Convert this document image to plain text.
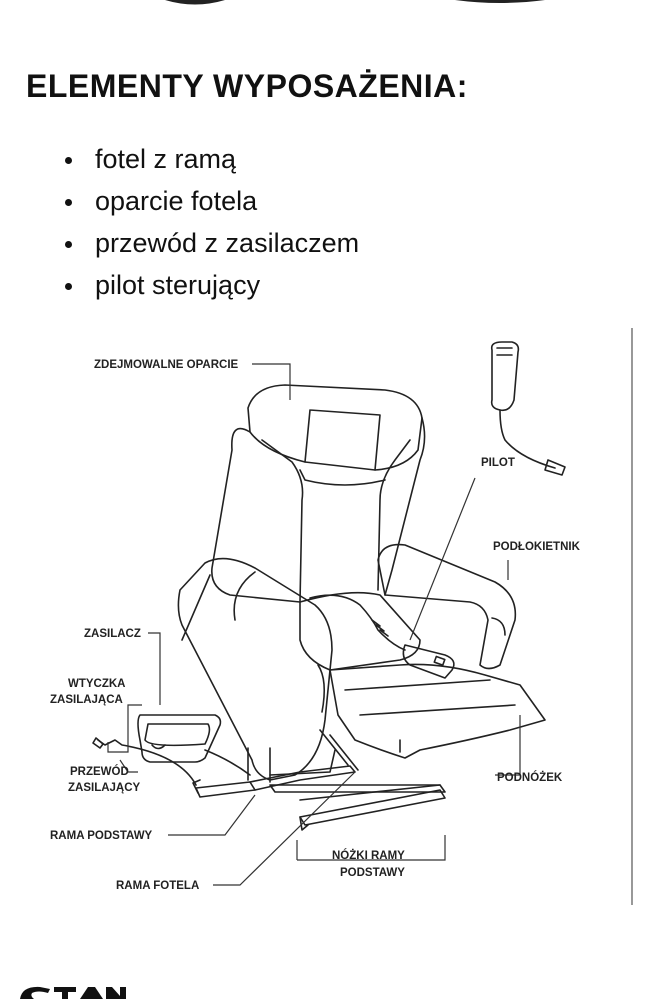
ELEMENTY WYPOSAŻENIA:
fotel z ramą
oparcie fotela
przewód z zasilaczem
pilot sterujący
ZDEJMOWALNE OPARCIE
PILOT
PODŁOKIETNIK
ZASILACZ
WTYCZKA
ZASILAJĄCA
PRZEWÓD
ZASILAJĄCY
RAMA PODSTAWY
PODNÓŻEK
NÓŻKI RAMY
PODSTAWY
RAMA FOTELA
